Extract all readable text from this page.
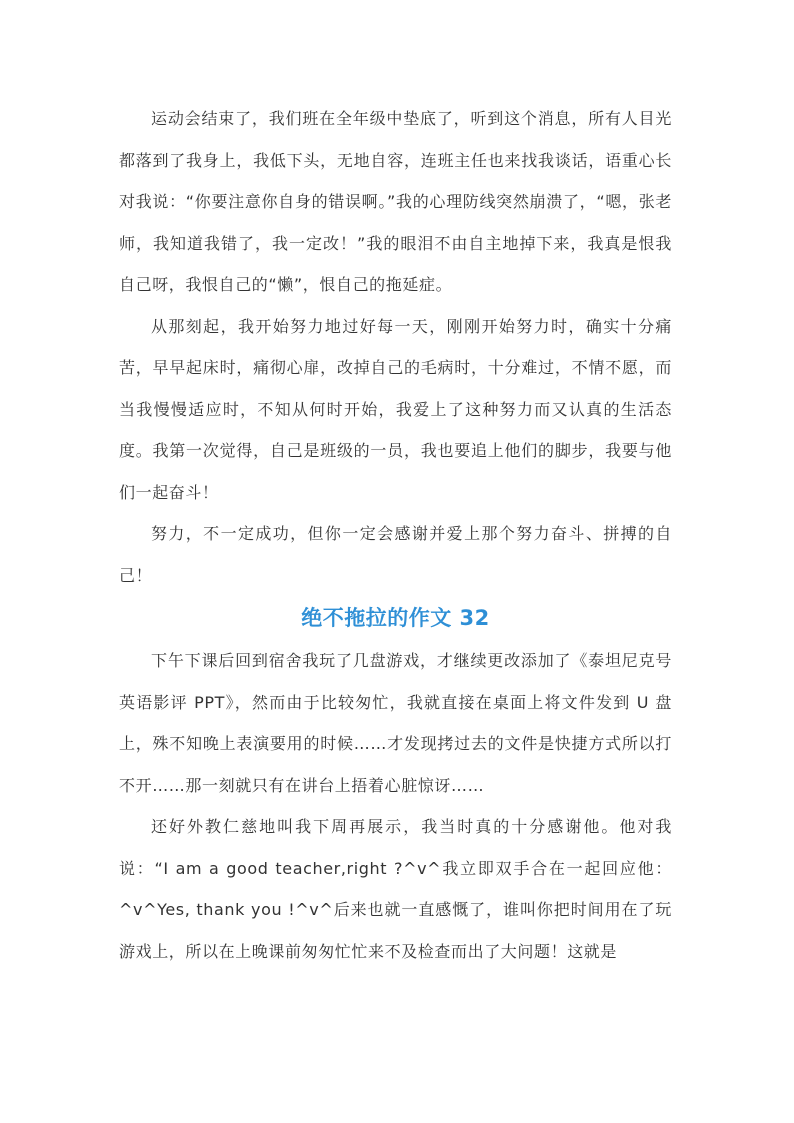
运动会结束了，我们班在全年级中垫底了，听到这个消息，所有人目光都落到了我身上，我低下头，无地自容，连班主任也来找我谈话，语重心长对我说：“你要注意你自身的错误啊。”我的心理防线突然崩溃了，“嗯，张老师，我知道我错了，我一定改！”我的眼泪不由自主地掉下来，我真是恨我自己呀，我恨自己的“懒”，恨自己的拖延症。

从那刻起，我开始努力地过好每一天，刚刚开始努力时，确实十分痛苦，早早起床时，痛彻心扉，改掉自己的毛病时，十分难过，不情不愿，而当我慢慢适应时，不知从何时开始，我爱上了这种努力而又认真的生活态度。我第一次觉得，自己是班级的一员，我也要追上他们的脚步，我要与他们一起奋斗！

努力，不一定成功，但你一定会感谢并爱上那个努力奋斗、拼搏的自己！

绝不拖拉的作文 32

下午下课后回到宿舍我玩了几盘游戏，才继续更改添加了《泰坦尼克号英语影评 PPT》，然而由于比较匆忙，我就直接在桌面上将文件发到 U 盘上，殊不知晚上表演要用的时候……才发现拷过去的文件是快捷方式所以打不开……那一刻就只有在讲台上捂着心脏惊讶……

还好外教仁慈地叫我下周再展示，我当时真的十分感谢他。他对我说：“I am a good teacher,right ?^v^我立即双手合在一起回应他：^v^Yes, thank you !^v^后来也就一直感慨了，谁叫你把时间用在了玩游戏上，所以在上晚课前匆匆忙忙来不及检查而出了大问题！这就是
